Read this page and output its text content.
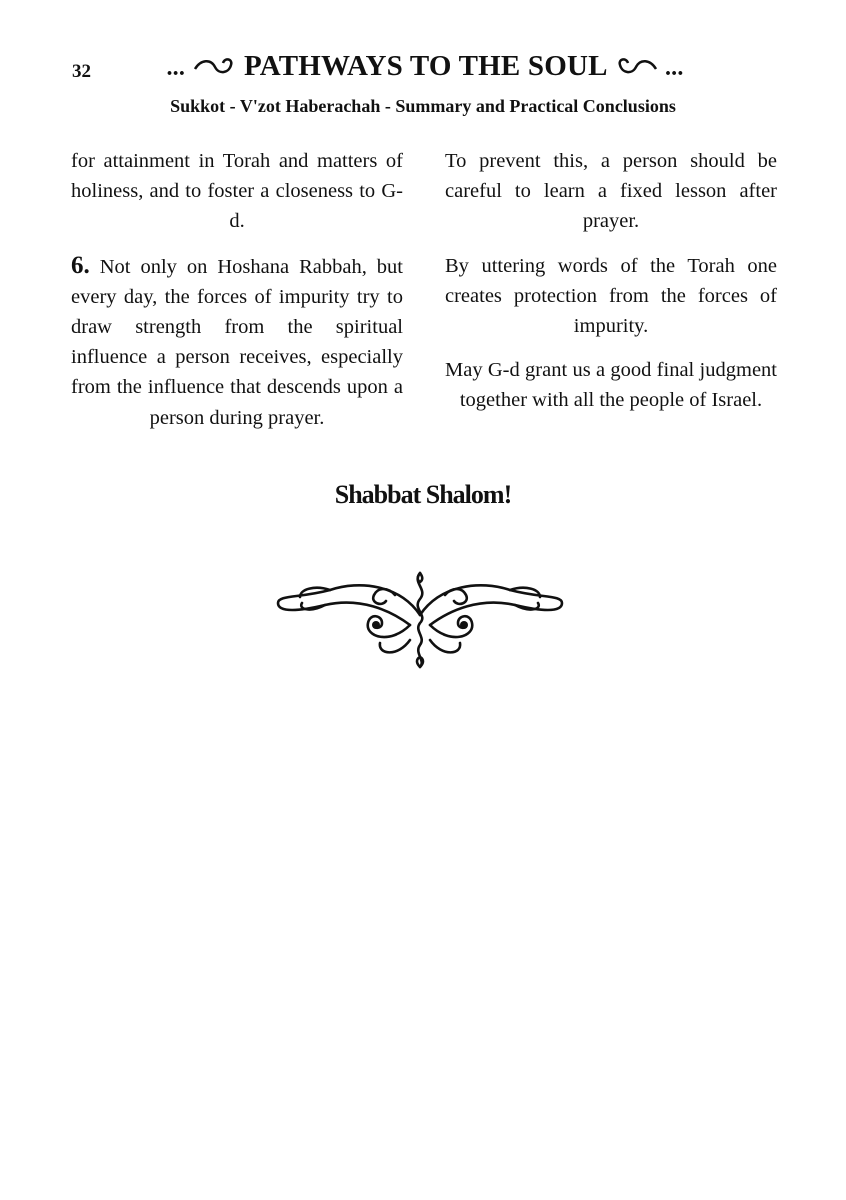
32	... PATHWAYS TO THE SOUL ...
Sukkot - V'zot Haberachah - Summary and Practical Conclusions

for attainment in Torah and matters of holiness, and to foster a closeness to G-d.

6. Not only on Hoshana Rabbah, but every day, the forces of impurity try to draw strength from the spiritual influence a person receives, especially from the influence that descends upon a person during prayer.

To prevent this, a person should be careful to learn a fixed lesson after prayer.

By uttering words of the Torah one creates protection from the forces of impurity.

May G-d grant us a good final judgment together with all the people of Israel.

Shabbat Shalom!
